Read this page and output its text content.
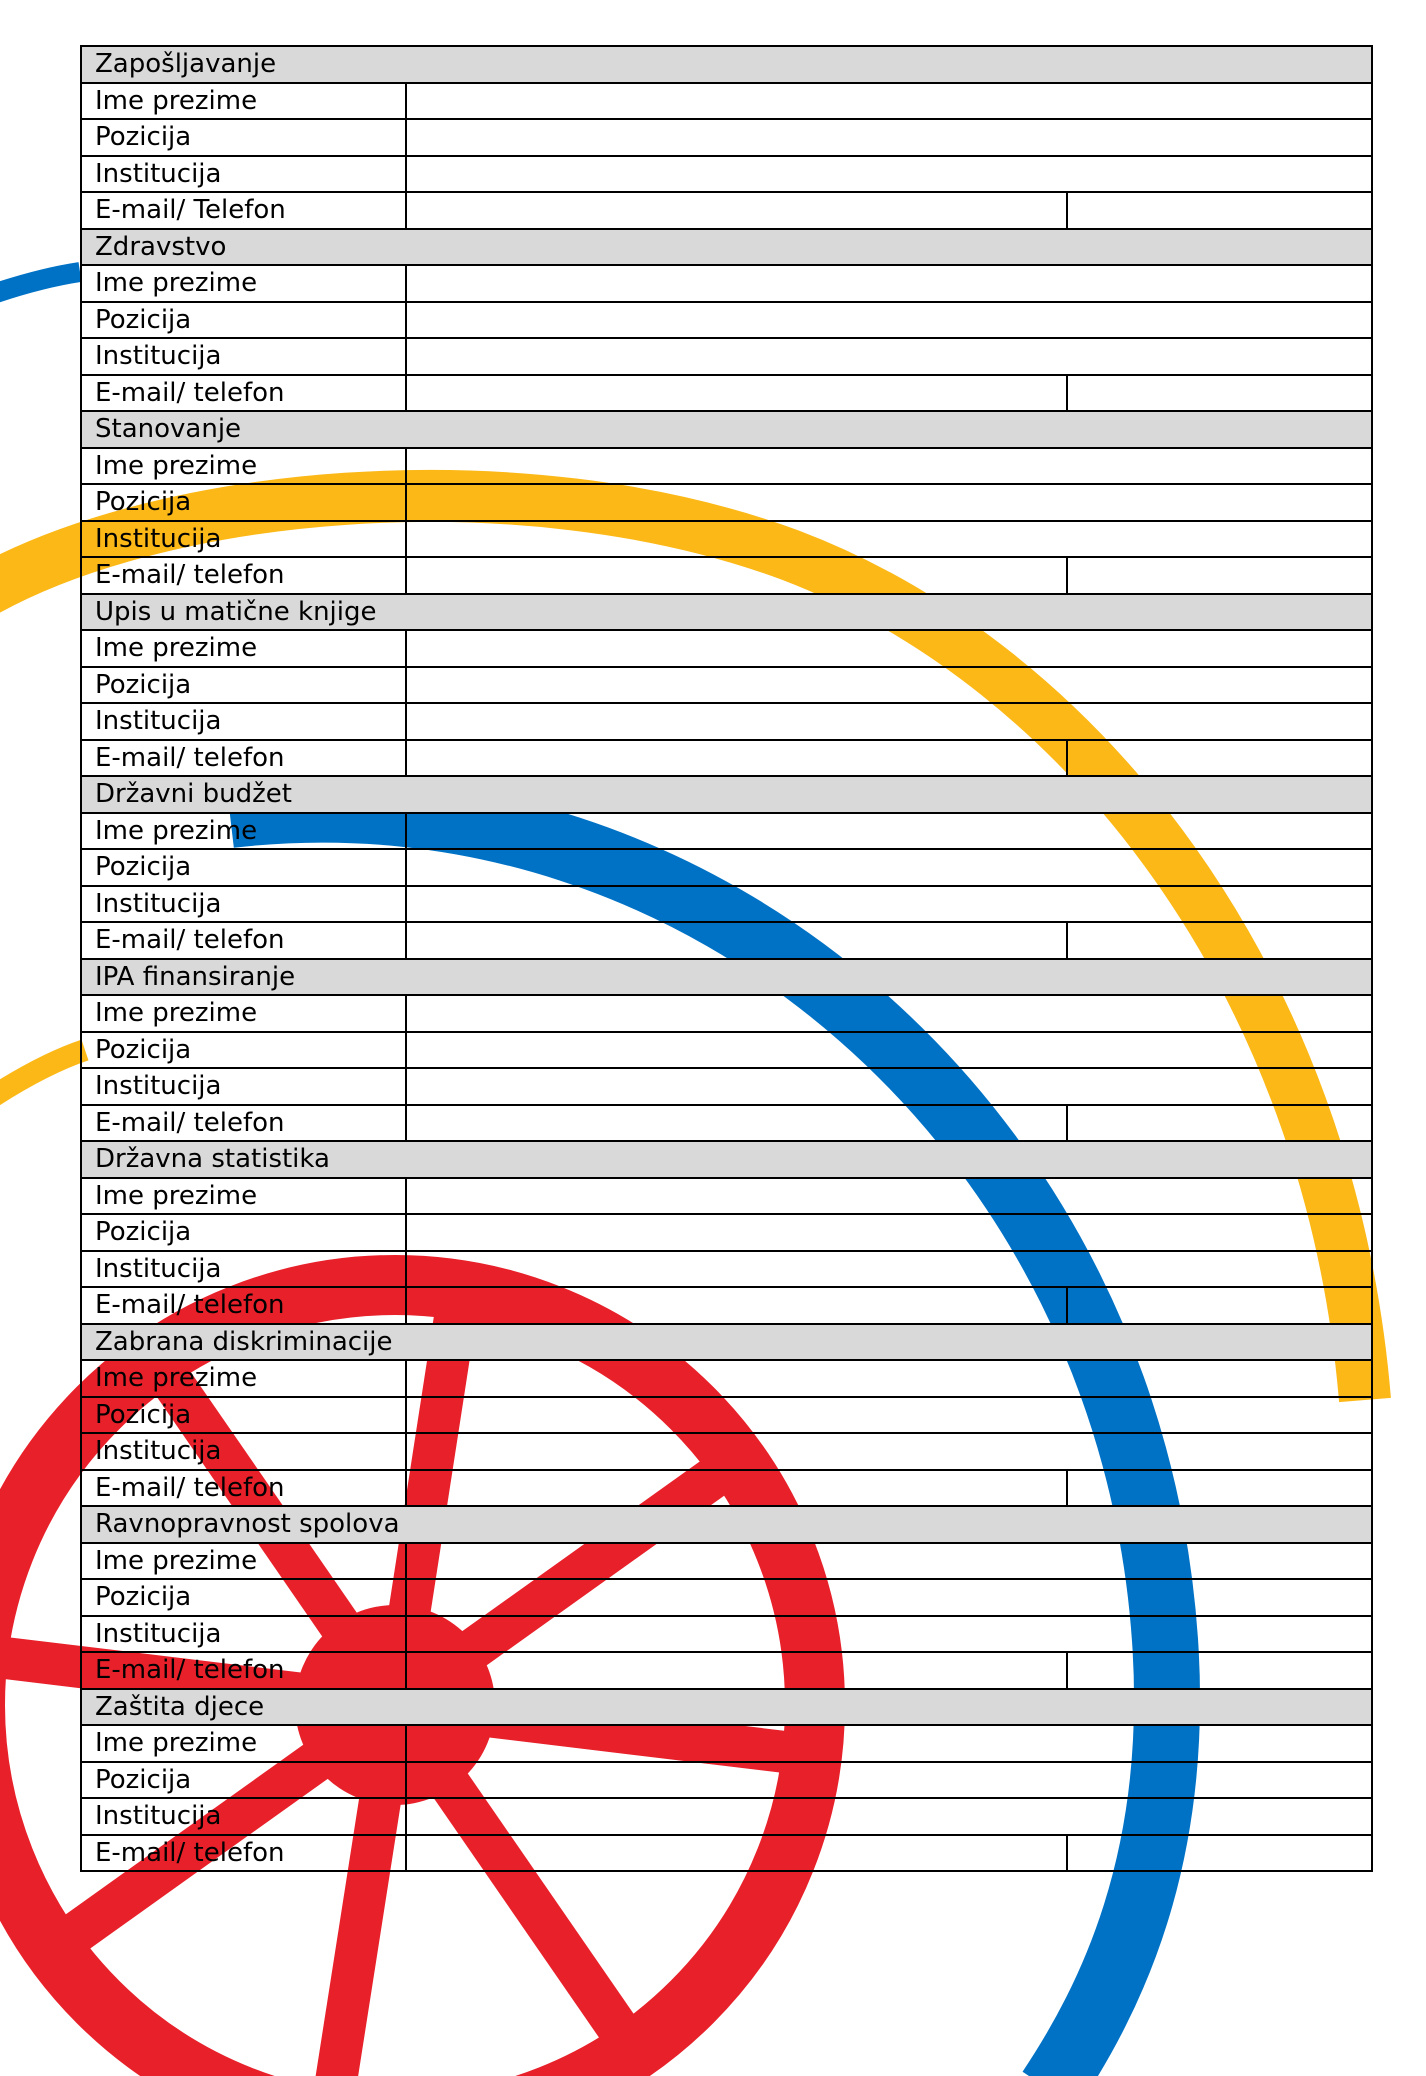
Zapošljavanje		
Ime prezime		
Pozicija		
Institucija		
E-mail/ Telefon		
Zdravstvo		
Ime prezime		
Pozicija		
Institucija		
E-mail/ telefon		
Stanovanje		
Ime prezime		
Pozicija		
Institucija		
E-mail/ telefon		
Upis u matične knjige		
Ime prezime		
Pozicija		
Institucija		
E-mail/ telefon		
Državni budžet		
Ime prezime		
Pozicija		
Institucija		
E-mail/ telefon		
IPA finansiranje		
Ime prezime		
Pozicija		
Institucija		
E-mail/ telefon		
Državna statistika		
Ime prezime		
Pozicija		
Institucija		
E-mail/ telefon		
Zabrana diskriminacije		
Ime prezime		
Pozicija		
Institucija		
E-mail/ telefon		
Ravnopravnost spolova		
Ime prezime		
Pozicija		
Institucija		
E-mail/ telefon		
Zaštita djece		
Ime prezime		
Pozicija		
Institucija		
E-mail/ telefon		
